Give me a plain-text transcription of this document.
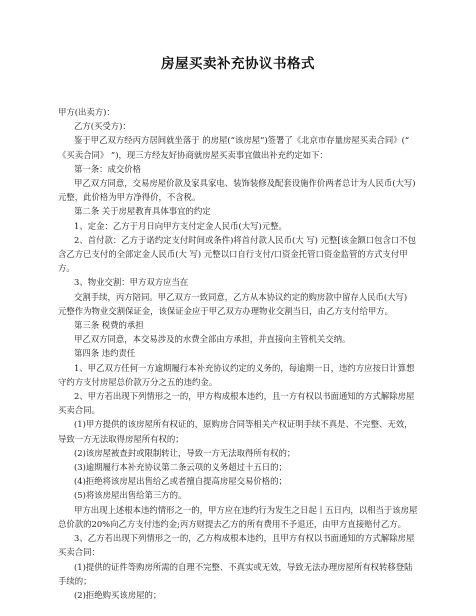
房屋买卖补充协议书格式

甲方(出卖方)：

乙方(买受方)：

鉴于甲乙双方经丙方居间就坐落于 的房屋(“该房屋”)签署了《北京市存量房屋买卖合同》(“ 《买卖合同》 ”)，现三方经友好协商就房屋买卖事宜做出补充约定如下：

第一条：成交价格

甲乙双方同意，交易房屋价款及家具家电、装饰装修及配套设施作价两者总计为人民币(大写) 元整，此价格为甲方净得价，不含税。

第二条 关于房屋教育具体事宜的约定

1、定金：乙方于月日向甲方支付定金人民币(大写)元整。

2、首付款：乙方于诺约定支付时间或条件)将首付款人民币(大 写) 元整[该金额口包含口不包含乙方已支付的全部定金人民币(大 写) 元整以口自行支付/口资金托管口资金监管的方式支付甲方。

3、物业交割：甲方双方应当在

交割手续，丙方陪同。甲乙双方一致同意，乙方从本协议约定的购房款中留存人民币(大写) 元整作为物业交割保证金，该保证金应于甲乙双方办理物业交割当日，由乙方支付给甲方。

第三条 税费的承担

甲乙双方同意，本交易涉及的水费全部由方承担，并直接向主管机关交纳。

第四条 违约责任

1、甲乙双方任何一方逾期履行本补充协议约定的义务的，每逾期一日，违约方应按日计算想守约方支付房屋总价款万分之五的违约金。

2、甲方若出现下列情形之一的，甲方构成根本违约，且一方有权以书面通知的方式解除房屋买卖合同。

(1)甲方提供的该房屋所有权证的，原购房合同等相关产权证明手续不真是、不完整、无效，导致一方无法取得房屋所有权的；

(2)该房屋被查封或限制转让，导致一方无法取得所有权的；

(3)逾期履行本补充协议第二条云项的义务超过十五日的；

(4)拒绝将该房屋出售给乙或者擅自提高房屋交易价格的；

(5)将该房屋出售给第三方的。

甲方出现上述根本违约情形之一的，甲方应在违约行为发生之日起丨五日内，以相当于该房屋总价款的20%向乙方支付违约金;丙方财提去乙方的所有费用不予退还，由甲方直接赔付乙方。

3、乙方若出现下列情形之一的，乙方构成根本违约，且甲方有权以书面通知的方式解除房屋买卖合同：

(1)提供的证件等购房所需的自理不完整、不真实或无效，导致无法办理房屋所有权转移登陆手续的；

(2)拒绝购买该房屋的；
